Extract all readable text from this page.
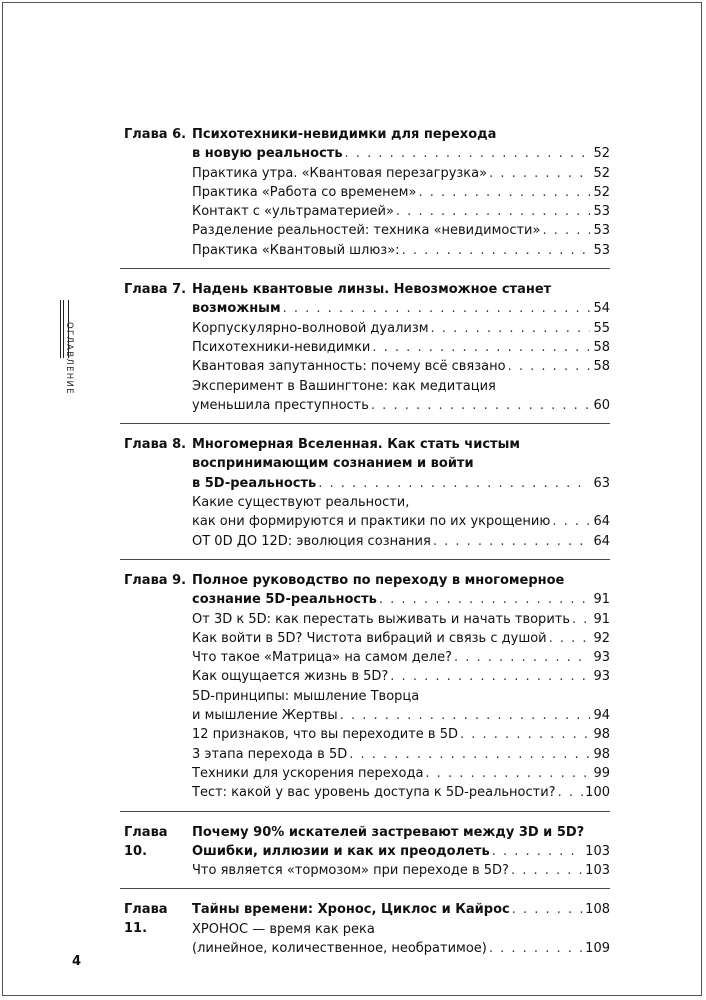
ОГЛАВЛЕНИЕ
Глава 6. Психотехники-невидимки для перехода
в новую реальность . . .	52
Практика утра. «Квантовая перезагрузка» . . .	52
Практика «Работа со временем» . . .	52
Контакт с «ультраматерией» . . .	53
Разделение реальностей: техника «невидимости» . . .	53
Практика «Квантовый шлюз»: . . .	53
Глава 7. Надень квантовые линзы. Невозможное станет
возможным . . .	54
Корпускулярно-волновой дуализм . . .	55
Психотехники-невидимки . . .	58
Квантовая запутанность: почему всё связано . . .	58
Эксперимент в Вашингтоне: как медитация
уменьшила преступность . . .	60
Глава 8. Многомерная Вселенная. Как стать чистым
воспринимающим сознанием и войти
в 5D-реальность . . .	63
Какие существуют реальности,
как они формируются и практики по их укрощению . . .	64
ОТ 0D ДО 12D: эволюция сознания . . .	64
Глава 9. Полное руководство по переходу в многомерное
сознание 5D-реальность . . .	91
От 3D к 5D: как перестать выживать и начать творить . . . 91
Как войти в 5D? Чистота вибраций и связь с душой . . .	92
Что такое «Матрица» на самом деле? . . .	93
Как ощущается жизнь в 5D? . . .	93
5D-принципы: мышление Творца
и мышление Жертвы . . .	94
12 признаков, что вы переходите в 5D . . .	98
3 этапа перехода в 5D . . .	98
Техники для ускорения перехода . . .	99
Тест: какой у вас уровень доступа к 5D-реальности? . . . 100
Глава 10.
Почему 90% искателей застревают между 3D и 5D?
Ошибки, иллюзии и как их преодолеть . . .	103
Что является «тормозом» при переходе в 5D? . . .	103
Глава 11.
Тайны времени: Хронос, Циклос и Кайрос . . .	108
ХРОНОС — время как река
(линейное, количественное, необратимое) . . .	109
4
